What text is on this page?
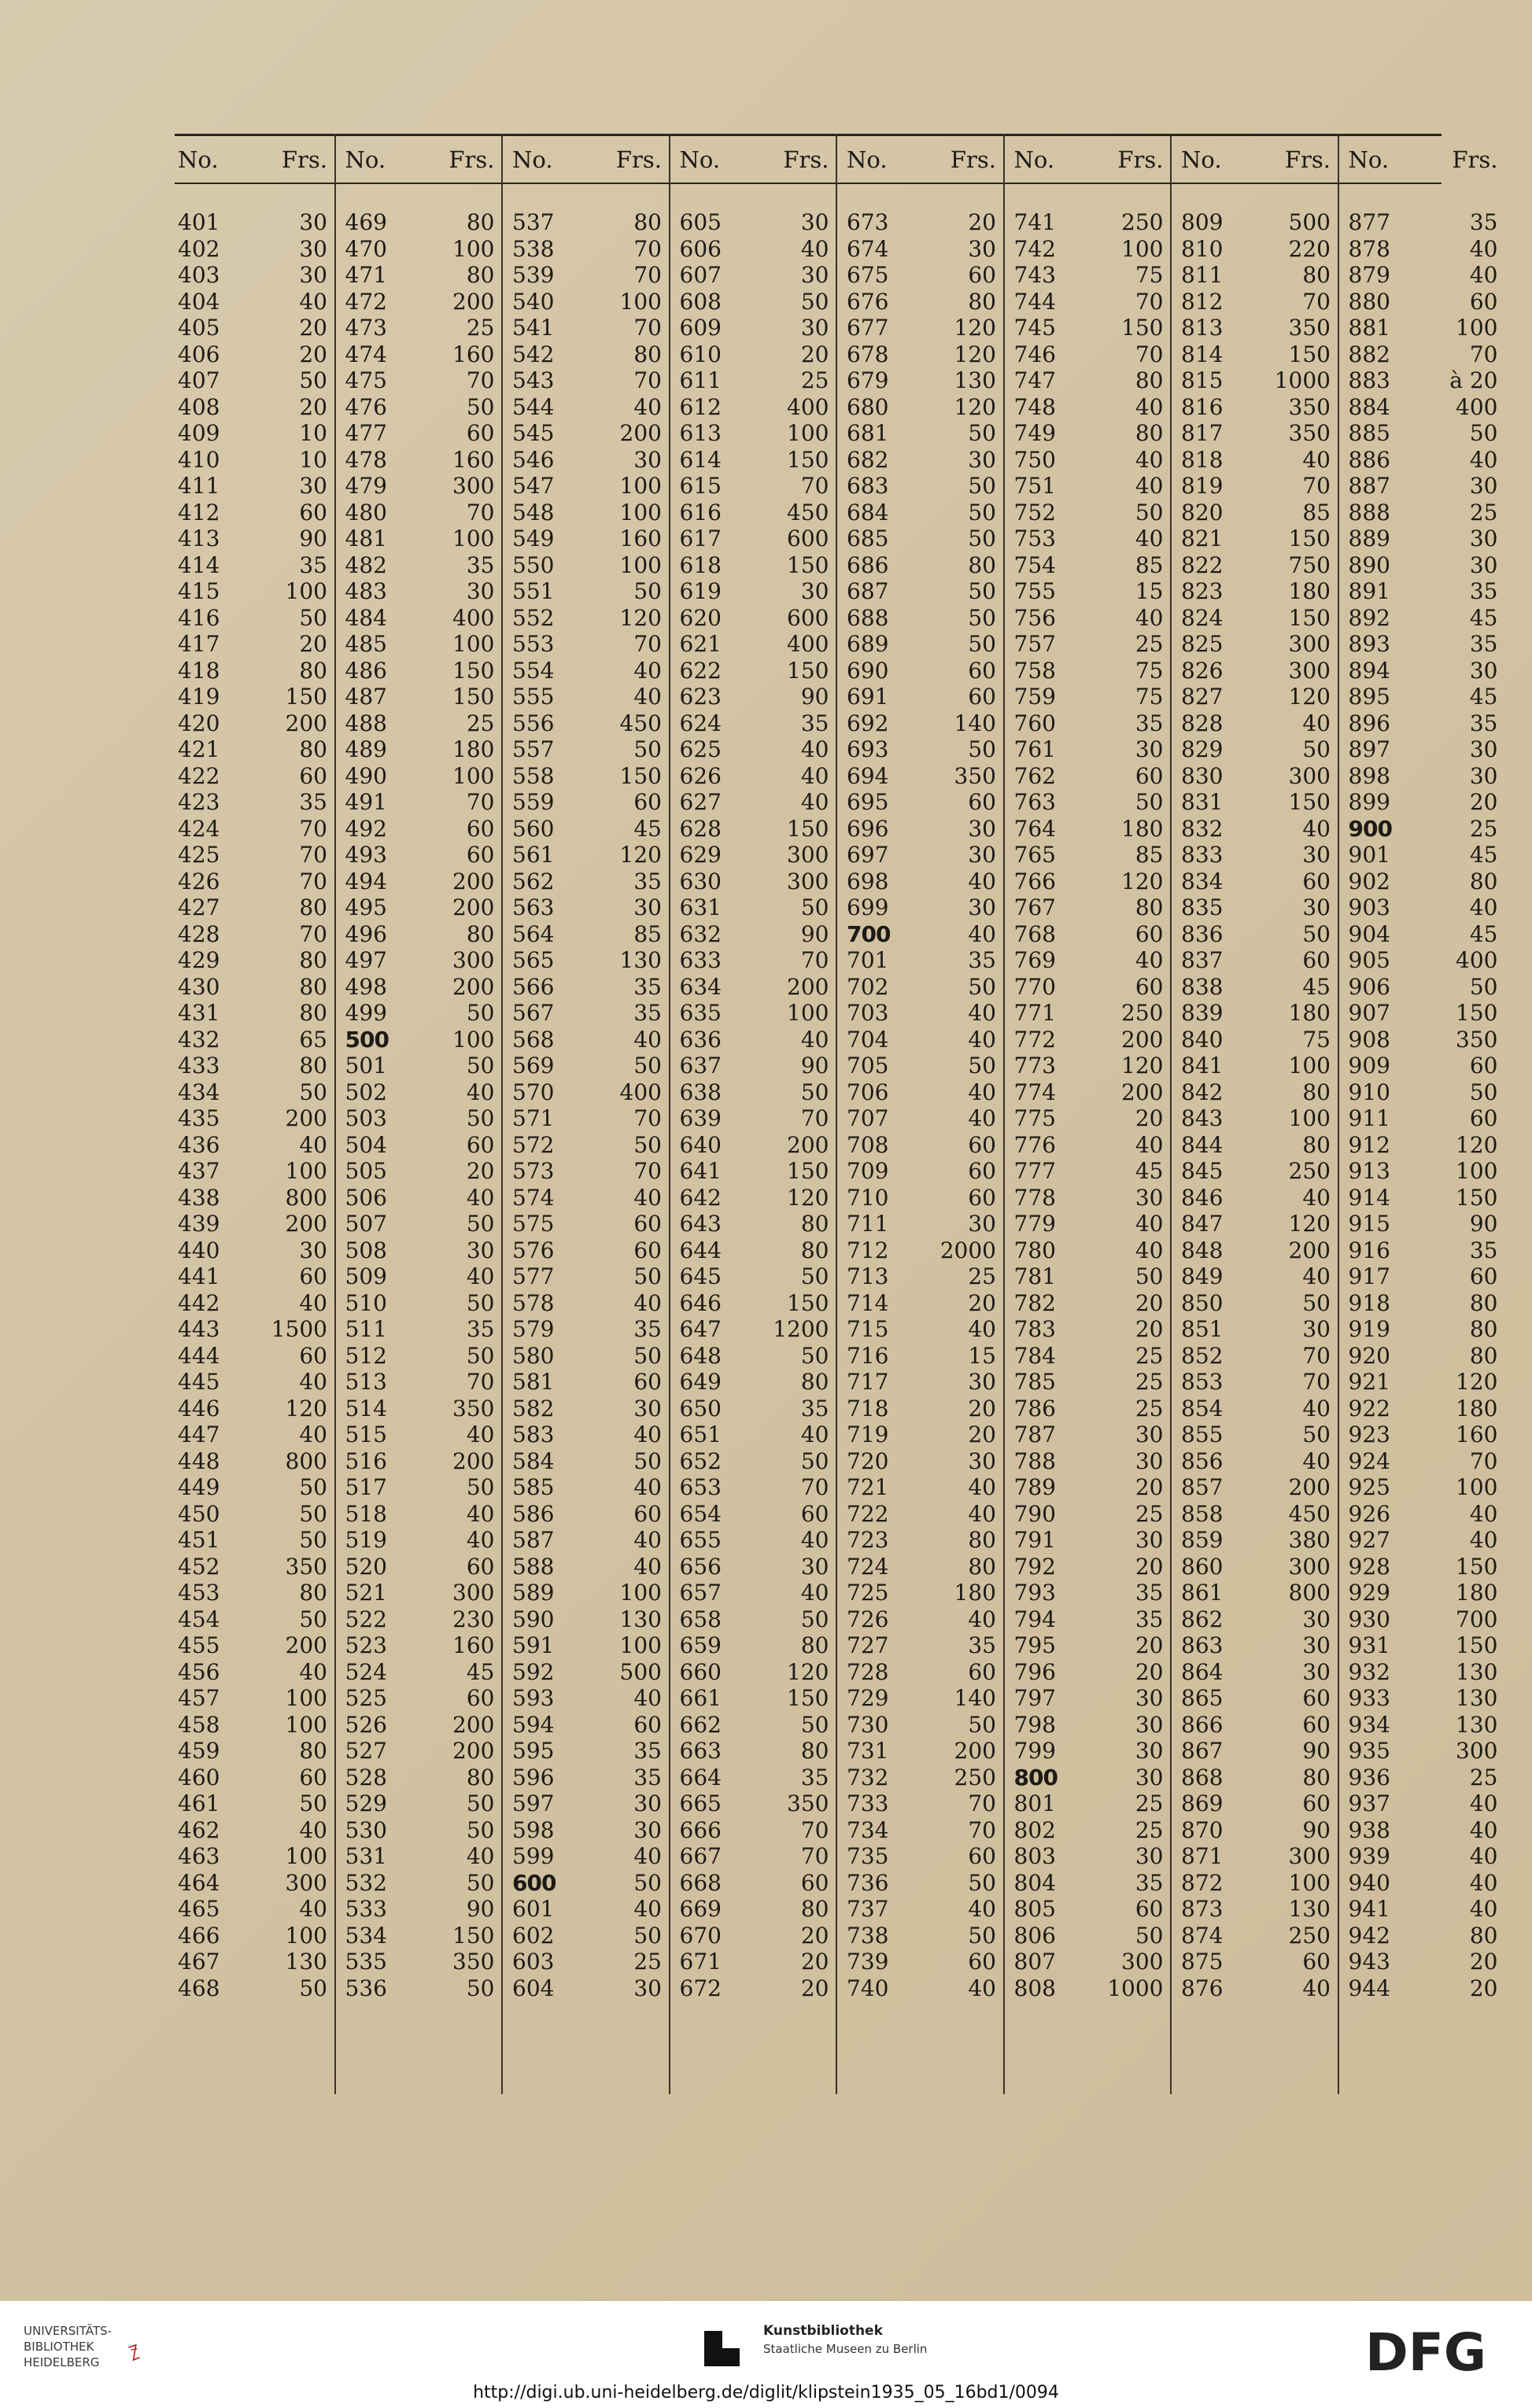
No.	Frs.
401	30
402	30
403	30
404	40
405	20
406	20
407	50
408	20
409	10
410	10
411	30
412	60
413	90
414	35
415	100
416	50
417	20
418	80
419	150
420	200
421	80
422	60
423	35
424	70
425	70
426	70
427	80
428	70
429	80
430	80
431	80
432	65
433	80
434	50
435	200
436	40
437	100
438	800
439	200
440	30
441	60
442	40
443 1500
444	60
445	40
446	120
447	40
448	800
449	50
450	50
451	50
452	350
453	80
454	50
455	200
456	40
457	100
458	100
459	80
460	60
461	50
462	40
463	100
464	300
465	40
466	100
467	130
468	50
No.	Frs.
469	80
470	100
471	80
472	200
473	25
474	160
475	70
476	50
477	60
478	160
479	300
480	70
481	100
482	35
483	30
484	400
485	100
486	150
487	150
488	25
489	180
490	100
491	70
492	60
493	60
494	200
495	200
496	80
497	300
498	200
499	50
500	100
501	50
502	40
503	50
504	60
505	20
506	40
507	50
508	30
509	40
510	50
511	35
512	50
513	70
514	350
515	40
516	200
517	50
518	40
519	40
520	60
521	300
522	230
523	160
524	45
525	60
526	200
527	200
528	80
529	50
530	50
531	40
532	50
533	90
534	150
535	350
536	50
No.	Frs.
537	80
538	70
539	70
540	100
541	70
542	80
543	70
544	40
545	200
546	30
547	100
548	100
549	160
550	100
551	50
552	120
553	70
554	40
555	40
556	450
557	50
558	150
559	60
560	45
561	120
562	35
563	30
564	85
565	130
566	35
567	35
568	40
569	50
570	400
571	70
572	50
573	70
574	40
575	60
576	60
577	50
578	40
579	35
580	50
581	60
582	30
583	40
584	50
585	40
586	60
587	40
588	40
589	100
590	130
591	100
592	500
593	40
594	60
595	35
596	35
597	30
598	30
599	40
600	50
601	40
602	50
603	25
604	30
No.	Frs.
605	30
606	40
607	30
608	50
609	30
610	20
611	25
612	400
613	100
614	150
615	70
616	450
617	600
618	150
619	30
620	600
621	400
622	150
623	90
624	35
625	40
626	40
627	40
628	150
629	300
630	300
631	50
632	90
633	70
634	200
635	100
636	40
637	90
638	50
639	70
640	200
641	150
642	120
643	80
644	80
645	50
646	150
647 1200
648	50
649	80
650	35
651	40
652	50
653	70
654	60
655	40
656	30
657	40
658	50
659	80
660	120
661	150
662	50
663	80
664	35
665	350
666	70
667	70
668	60
669	80
670	20
671	20
672	20
No.	Frs.
673	20
674	30
675	60
676	80
677	120
678	120
679	130
680	120
681	50
682	30
683	50
684	50
685	50
686	80
687	50
688	50
689	50
690	60
691	60
692	140
693	50
694	350
695	60
696	30
697	30
698	40
699	30
700	40
701	35
702	50
703	40
704	40
705	50
706	40
707	40
708	60
709	60
710	60
711	30
712 2000
713	25
714	20
715	40
716	15
717	30
718	20
719	20
720	30
721	40
722	40
723	80
724	80
725	180
726	40
727	35
728	60
729	140
730	50
731	200
732	250
733	70
734	70
735	60
736	50
737	40
738	50
739	60
740	40
No.	Frs.
741	250
742	100
743	75
744	70
745	150
746	70
747	80
748	40
749	80
750	40
751	40
752	50
753	40
754	85
755	15
756	40
757	25
758	75
759	75
760	35
761	30
762	60
763	50
764	180
765	85
766	120
767	80
768	60
769	40
770	60
771	250
772	200
773	120
774	200
775	20
776	40
777	45
778	30
779	40
780	40
781	50
782	20
783	20
784	25
785	25
786	25
787	30
788	30
789	20
790	25
791	30
792	20
793	35
794	35
795	20
796	20
797	30
798	30
799	30
800	30
801	25
802	25
803	30
804	35
805	60
806	50
807	300
808 1000
No.	Frs.
809	500
810	220
811	80
812	70
813	350
814	150
815 1000
816	350
817	350
818	40
819	70
820	85
821	150
822	750
823	180
824	150
825	300
826	300
827	120
828	40
829	50
830	300
831	150
832	40
833	30
834	60
835	30
836	50
837	60
838	45
839	180
840	75
841	100
842	80
843	100
844	80
845	250
846	40
847	120
848	200
849	40
850	50
851	30
852	70
853	70
854	40
855	50
856	40
857	200
858	450
859	380
860	300
861	800
862	30
863	30
864	30
865	60
866	60
867	90
868	80
869	60
870	90
871	300
872	100
873	130
874	250
875	60
876	40
No.	Frs.
877	35
878	40
879	40
880	60
881	100
882	70
883	à 20
884	400
885	50
886	40
887	30
888	25
889	30
890	30
891	35
892	45
893	35
894	30
895	45
896	35
897	30
898	30
899	20
900	25
901	45
902	80
903	40
904	45
905	400
906	50
907	150
908	350
909	60
910	50
911	60
912	120
913	100
914	150
915	90
916	35
917	60
918	80
919	80
920	80
921	120
922	180
923	160
924	70
925	100
926	40
927	40
928	150
929	180
930	700
931	150
932	130
933	130
934	130
935	300
936	25
937	40
938	40
939	40
940	40
941	40
942	80
943	20
944	20
UNIVERSITÄTS-
BIBLIOTHEK
HEIDELBERG
Kunstbibliothek
Staatliche Museen zu Berlin	DFG
http://digi.ub.uni-heidelberg.de/diglit/klipstein1935_05_16bd1/0094
